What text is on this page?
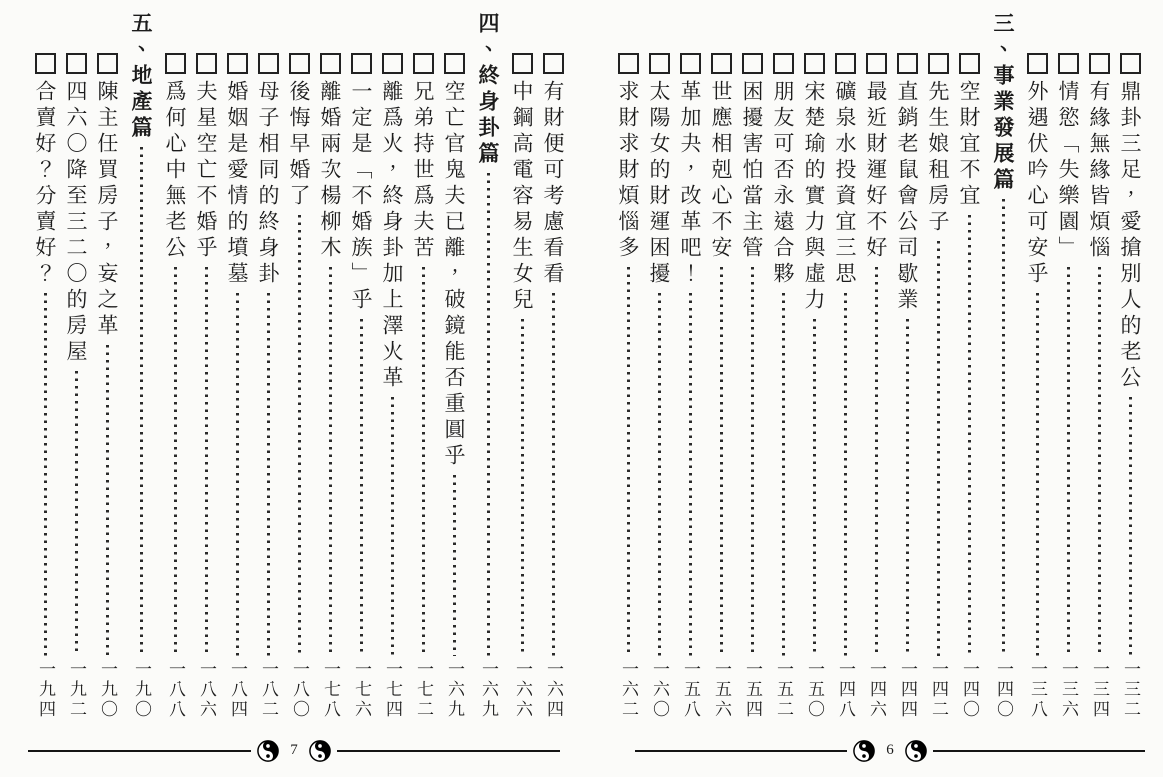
有財便可考慮看看
一六四
中鋼高電容易生女兒
一六六
四、終身卦篇
一六九
空亡官鬼夫已離，破鏡能否重圓乎
一六九
兄弟持世爲夫苦
一七二
離爲火，終身卦加上澤火革
一七四
一定是「不婚族」乎
一七六
離婚兩次楊柳木
一七八
後悔早婚了
一八〇
母子相同的終身卦
一八二
婚姻是愛情的墳墓
一八四
夫星空亡不婚乎
一八六
爲何心中無老公
一八八
五、地產篇
一九〇
陳主任買房子，妄之革
一九〇
四六〇降至三二〇的房屋
一九二
合賣好？分賣好？
一九四
7
鼎卦三足，愛搶別人的老公
一三二
有緣無緣皆煩惱
一三四
情慾「失樂園」
一三六
外遇伏吟心可安乎
一三八
三、事業發展篇
一四〇
空財宜不宜
一四〇
先生娘租房子
一四二
直銷老鼠會公司歇業
一四四
最近財運好不好
一四六
礦泉水投資宜三思
一四八
宋楚瑜的實力與虛力
一五〇
朋友可否永遠合夥
一五二
困擾害怕當主管
一五四
世應相剋心不安
一五六
革加夬，改革吧！
一五八
太陽女的財運困擾
一六〇
求財求財煩惱多
一六二
6
